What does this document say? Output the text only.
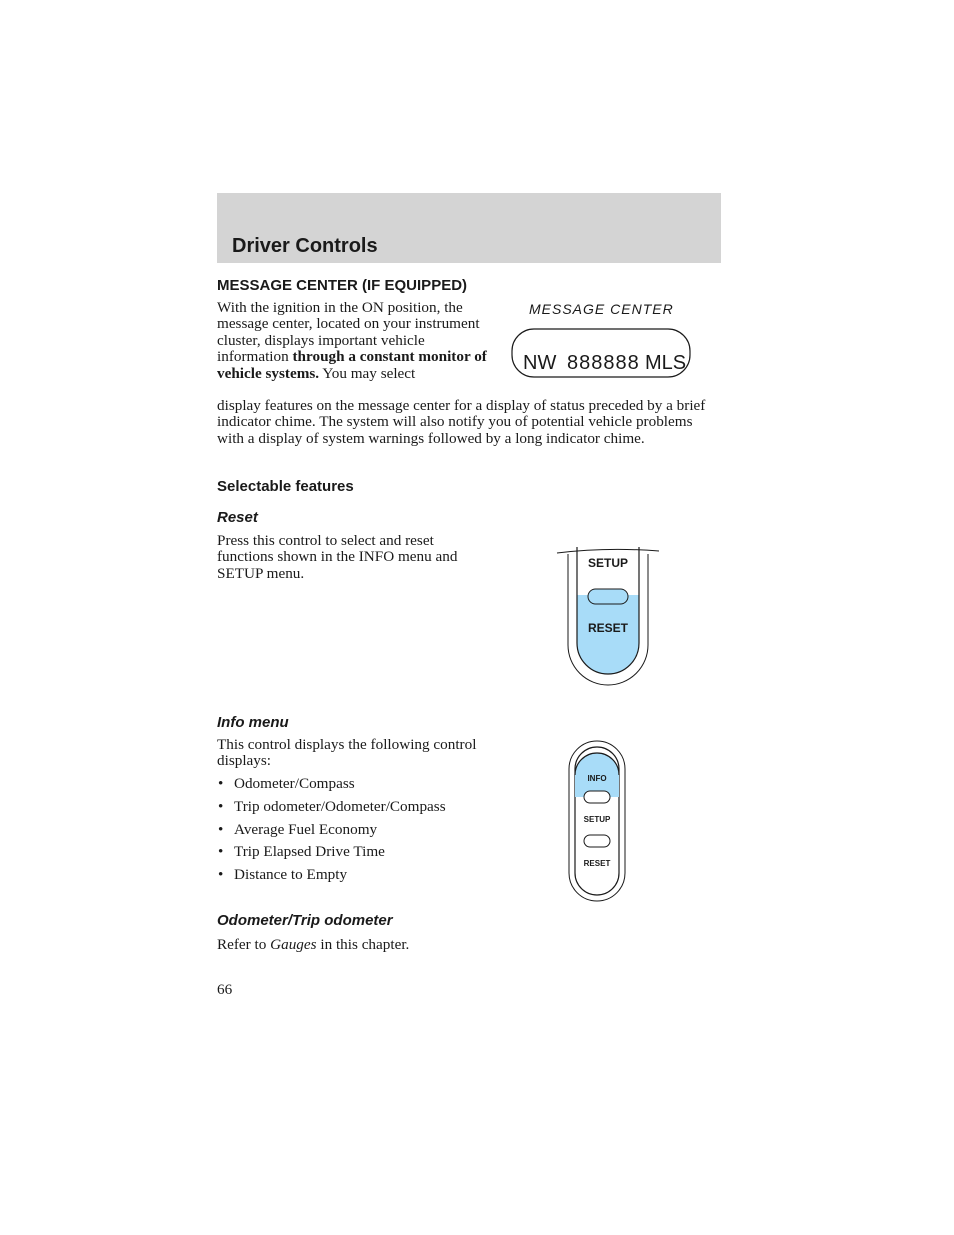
Driver Controls
MESSAGE CENTER (IF EQUIPPED)

With the ignition in the ON position, the message center, located on your instrument cluster, displays important vehicle information through a constant monitor of vehicle systems. You may select

display features on the message center for a display of status preceded by a brief indicator chime. The system will also notify you of potential vehicle problems with a display of system warnings followed by a long indicator chime.

MESSAGE CENTER
NW 888888 MLS
Selectable features
Reset

Press this control to select and reset functions shown in the INFO menu and SETUP menu.

SETUP
RESET
Info menu

This control displays the following control displays:

• Odometer/Compass
• Trip odometer/Odometer/Compass
• Average Fuel Economy
• Trip Elapsed Drive Time
• Distance to Empty
INFO
SETUP
RESET
Odometer/Trip odometer

Refer to Gauges in this chapter.

66
